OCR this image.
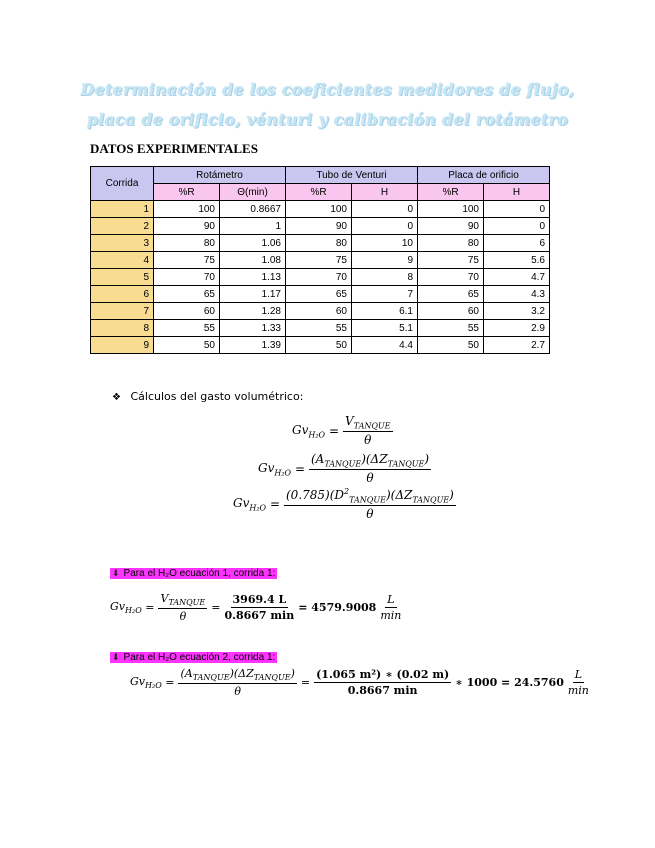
Determinación de los coeficientes medidores de flujo,
placa de orificio, vénturi y calibración del rotámetro
DATOS EXPERIMENTALES
Corrida	Rotámetro		Tubo de Venturi		Placa de orificio	
	%R	Θ(min)	%R	H	%R	H
1	100	0.8667	100	0	100	0
2	90	1	90	0	90	0
3	80	1.06	80	10	80	6
4	75	1.08	75	9	75	5.6
5	70	1.13	70	8	70	4.7
6	65	1.17	65	7	65	4.3
7	60	1.28	60	6.1	60	3.2
8	55	1.33	55	5.1	55	2.9
9	50	1.39	50	4.4	50	2.7
❖ Cálculos del gasto volumétrico:
$Gv_{H_2O} = \frac{V_{TANQUE}}{\theta}$
$Gv_{H_2O} = \frac{(A_{TANQUE})(\Delta Z_{TANQUE})}{\theta}$
$Gv_{H_2O} = \frac{(0.785)(D^2_{TANQUE})(\Delta Z_{TANQUE})}{\theta}$
⬇ Para el H₂O ecuación 1, corrida 1:
$Gv_{H_2O} = \frac{V_{TANQUE}}{\theta} = \frac{3969.4 L}{0.8667 \min} = 4579.9008 \frac{L}{\min}$
⬇ Para el H₂O ecuación 2, corrida 1:
$Gv_{H_2O} = \frac{(A_{TANQUE})(\Delta Z_{TANQUE})}{\theta} = \frac{\text{(1.065 m²) ∗ (0.02 m)}}{0.8667 \min}$ ∗ $1000 = 24.5760 \frac{L}{\min}$
